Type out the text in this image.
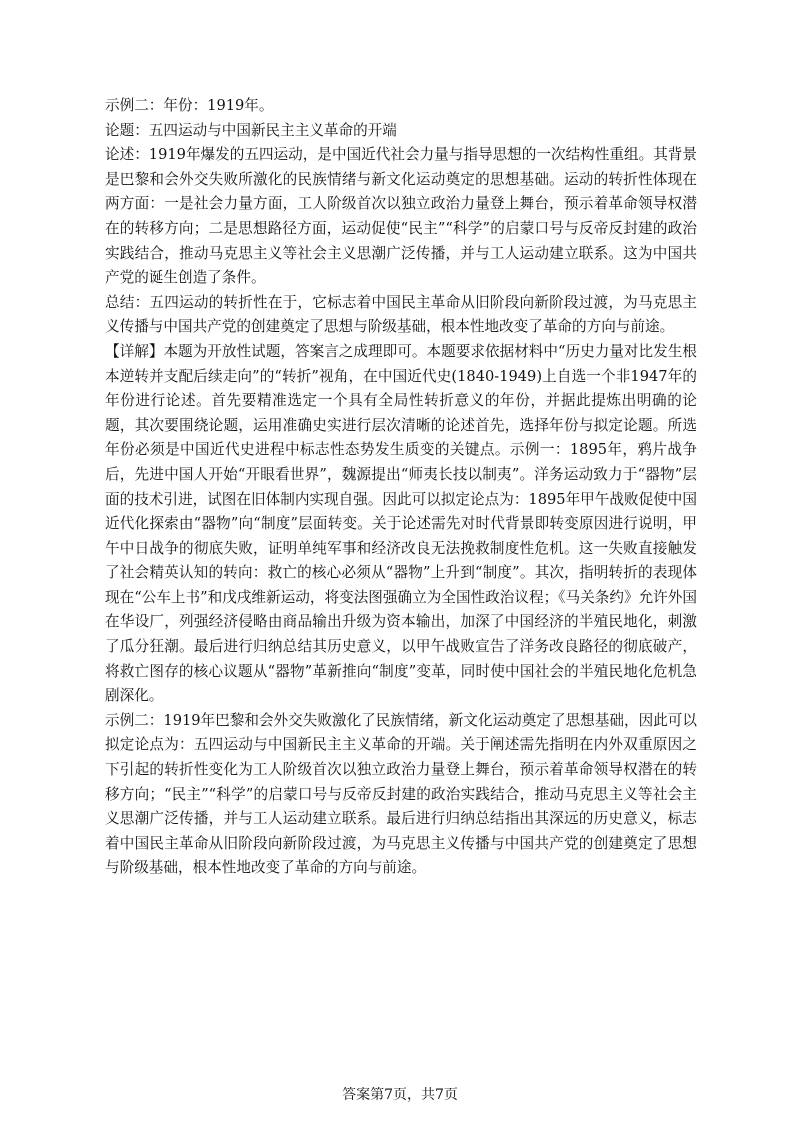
示例二：年份：1919年。

论题：五四运动与中国新民主主义革命的开端

论述：1919年爆发的五四运动，是中国近代社会力量与指导思想的一次结构性重组。其背景是巴黎和会外交失败所激化的民族情绪与新文化运动奠定的思想基础。运动的转折性体现在两方面：一是社会力量方面，工人阶级首次以独立政治力量登上舞台，预示着革命领导权潜在的转移方向；二是思想路径方面，运动促使“民主”“科学”的启蒙口号与反帝反封建的政治实践结合，推动马克思主义等社会主义思潮广泛传播，并与工人运动建立联系。这为中国共产党的诞生创造了条件。

总结：五四运动的转折性在于，它标志着中国民主革命从旧阶段向新阶段过渡，为马克思主义传播与中国共产党的创建奠定了思想与阶级基础，根本性地改变了革命的方向与前途。

【详解】本题为开放性试题，答案言之成理即可。本题要求依据材料中“历史力量对比发生根本逆转并支配后续走向”的“转折”视角，在中国近代史(1840-1949)上自选一个非1947年的年份进行论述。首先要精准选定一个具有全局性转折意义的年份，并据此提炼出明确的论题，其次要围绕论题，运用准确史实进行层次清晰的论述首先，选择年份与拟定论题。所选年份必须是中国近代史进程中标志性态势发生质变的关键点。示例一：1895年，鸦片战争后，先进中国人开始“开眼看世界”，魏源提出“师夷长技以制夷”。洋务运动致力于“器物”层面的技术引进，试图在旧体制内实现自强。因此可以拟定论点为：1895年甲午战败促使中国近代化探索由“器物”向“制度”层面转变。关于论述需先对时代背景即转变原因进行说明，甲午中日战争的彻底失败，证明单纯军事和经济改良无法挽救制度性危机。这一失败直接触发了社会精英认知的转向：救亡的核心必须从“器物”上升到“制度”。其次，指明转折的表现体现在“公车上书”和戊戌维新运动，将变法图强确立为全国性政治议程；《马关条约》允许外国在华设厂，列强经济侵略由商品输出升级为资本输出，加深了中国经济的半殖民地化，刺激了瓜分狂潮。最后进行归纳总结其历史意义，以甲午战败宣告了洋务改良路径的彻底破产，将救亡图存的核心议题从“器物”革新推向“制度”变革，同时使中国社会的半殖民地化危机急剧深化。

示例二：1919年巴黎和会外交失败激化了民族情绪，新文化运动奠定了思想基础，因此可以拟定论点为：五四运动与中国新民主主义革命的开端。关于阐述需先指明在内外双重原因之下引起的转折性变化为工人阶级首次以独立政治力量登上舞台，预示着革命领导权潜在的转移方向；“民主”“科学”的启蒙口号与反帝反封建的政治实践结合，推动马克思主义等社会主义思潮广泛传播，并与工人运动建立联系。最后进行归纳总结指出其深远的历史意义，标志着中国民主革命从旧阶段向新阶段过渡，为马克思主义传播与中国共产党的创建奠定了思想与阶级基础，根本性地改变了革命的方向与前途。

答案第7页，共7页
